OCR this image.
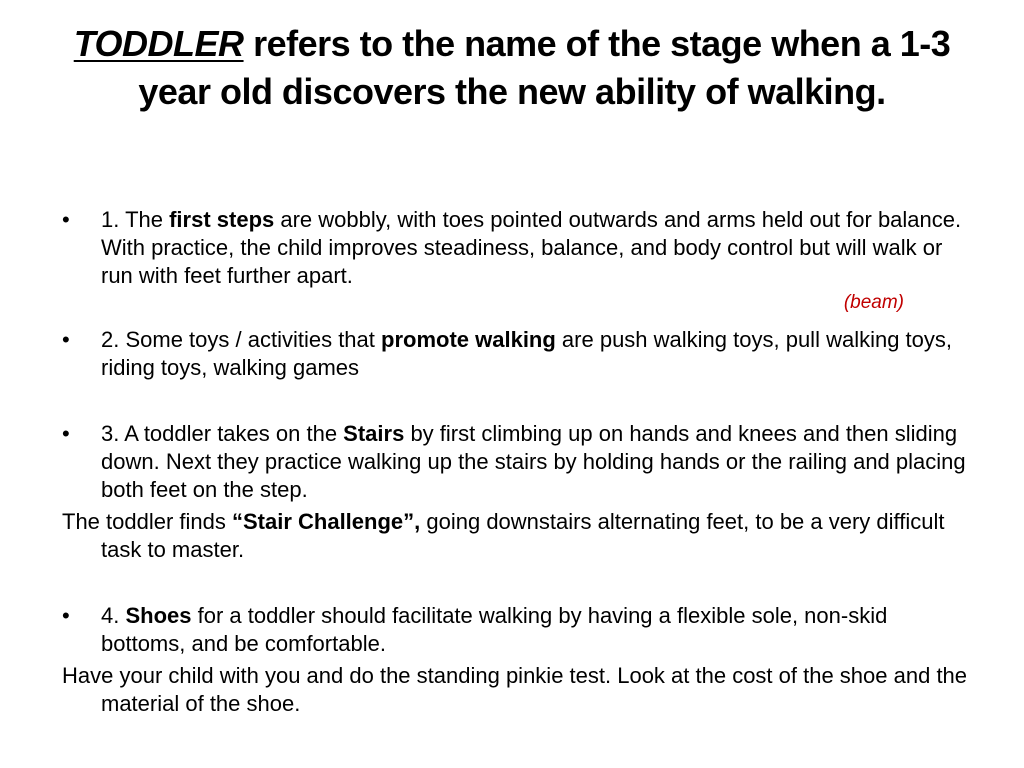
TODDLER refers to the name of the stage when a 1-3 year old discovers the new ability of walking.

•	1. The first steps are wobbly, with toes pointed outwards and arms held out for balance. With practice, the child improves steadiness, balance, and body control but will walk or run with feet further apart.

(beam)

•	2. Some toys / activities that promote walking are push walking toys, pull walking toys, riding toys, walking games

•	3. A toddler takes on the Stairs by first climbing up on hands and knees and then sliding down. Next they practice walking up the stairs by holding hands or the railing and placing both feet on the step.

The toddler finds “Stair Challenge”, going downstairs alternating feet, to be a very difficult task to master.

•	4. Shoes for a toddler should facilitate walking by having a flexible sole, non-skid bottoms, and be comfortable.

Have your child with you and do the standing pinkie test. Look at the cost of the shoe and the material of the shoe.
